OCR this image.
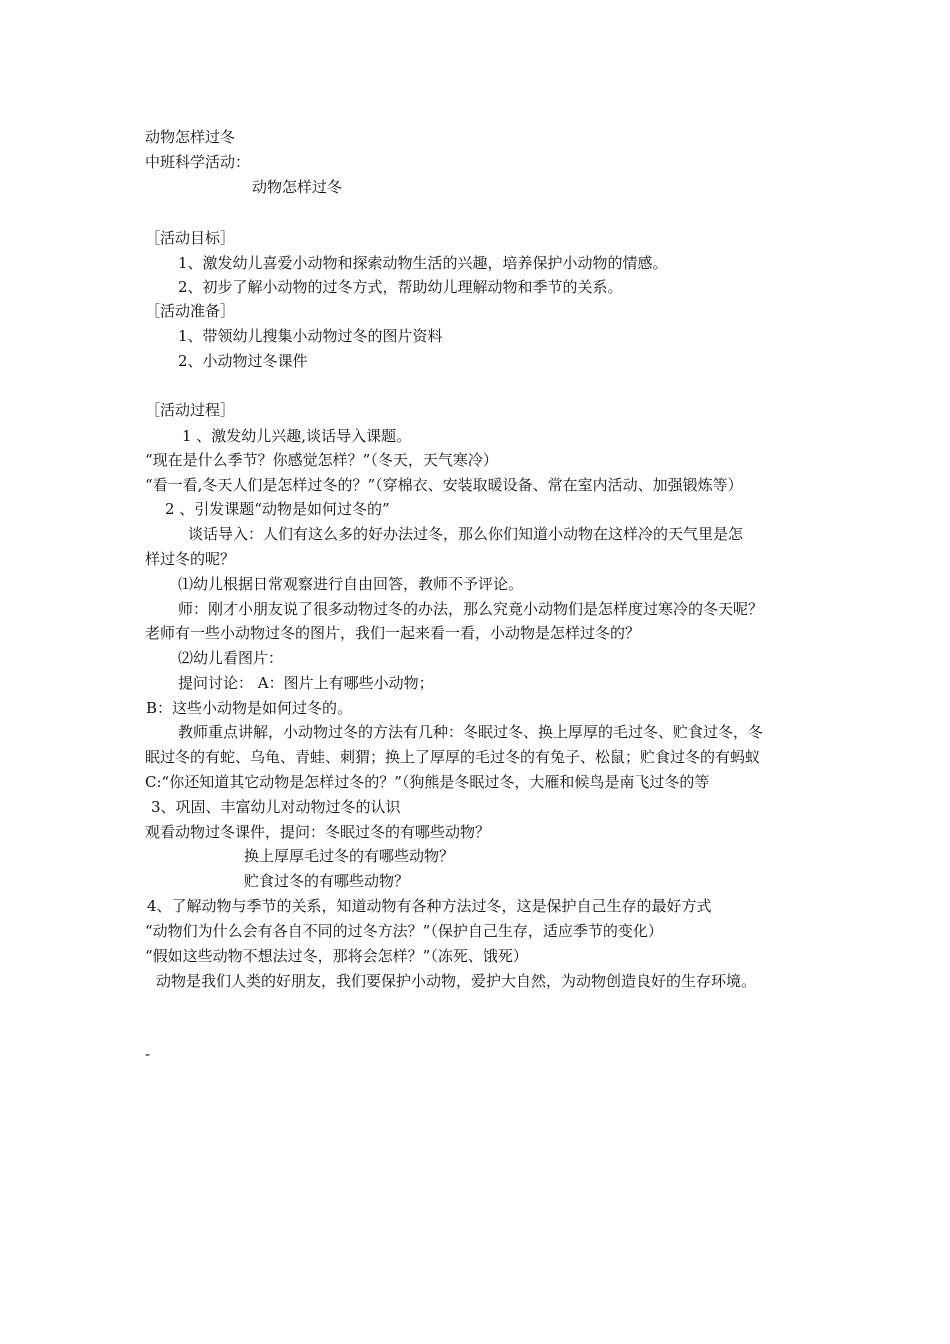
动物怎样过冬
中班科学活动：
动物怎样过冬
［活动目标］
1、激发幼儿喜爱小动物和探索动物生活的兴趣，培养保护小动物的情感。
2、初步了解小动物的过冬方式，帮助幼儿理解动物和季节的关系。
［活动准备］
1、带领幼儿搜集小动物过冬的图片资料
2、小动物过冬课件
［活动过程］
1 、激发幼儿兴趣,谈话导入课题。
“现在是什么季节？你感觉怎样？”（冬天，天气寒冷）
“看一看,冬天人们是怎样过冬的？”（穿棉衣、安装取暖设备、常在室内活动、加强锻炼等）
2 、引发课题“动物是如何过冬的”
谈话导入：人们有这么多的好办法过冬，那么你们知道小动物在这样冷的天气里是怎
样过冬的呢？
⑴幼儿根据日常观察进行自由回答，教师不予评论。
师：刚才小朋友说了很多动物过冬的办法，那么究竟小动物们是怎样度过寒冷的冬天呢？
老师有一些小动物过冬的图片，我们一起来看一看，小动物是怎样过冬的？
⑵幼儿看图片：
提问讨论： A：图片上有哪些小动物；
B：这些小动物是如何过冬的。
教师重点讲解，小动物过冬的方法有几种：冬眠过冬、换上厚厚的毛过冬、贮食过冬，冬
眠过冬的有蛇、乌龟、青蛙、刺猬；换上了厚厚的毛过冬的有兔子、松鼠；贮食过冬的有蚂蚁
C:“你还知道其它动物是怎样过冬的？”（狗熊是冬眠过冬，大雁和候鸟是南飞过冬的等
3、巩固、丰富幼儿对动物过冬的认识
观看动物过冬课件，提问：冬眠过冬的有哪些动物？
换上厚厚毛过冬的有哪些动物？
贮食过冬的有哪些动物？
4、了解动物与季节的关系，知道动物有各种方法过冬，这是保护自己生存的最好方式
“动物们为什么会有各自不同的过冬方法？”（保护自己生存，适应季节的变化）
“假如这些动物不想法过冬，那将会怎样？”（冻死、饿死）
动物是我们人类的好朋友，我们要保护小动物，爱护大自然，为动物创造良好的生存环境。
-
